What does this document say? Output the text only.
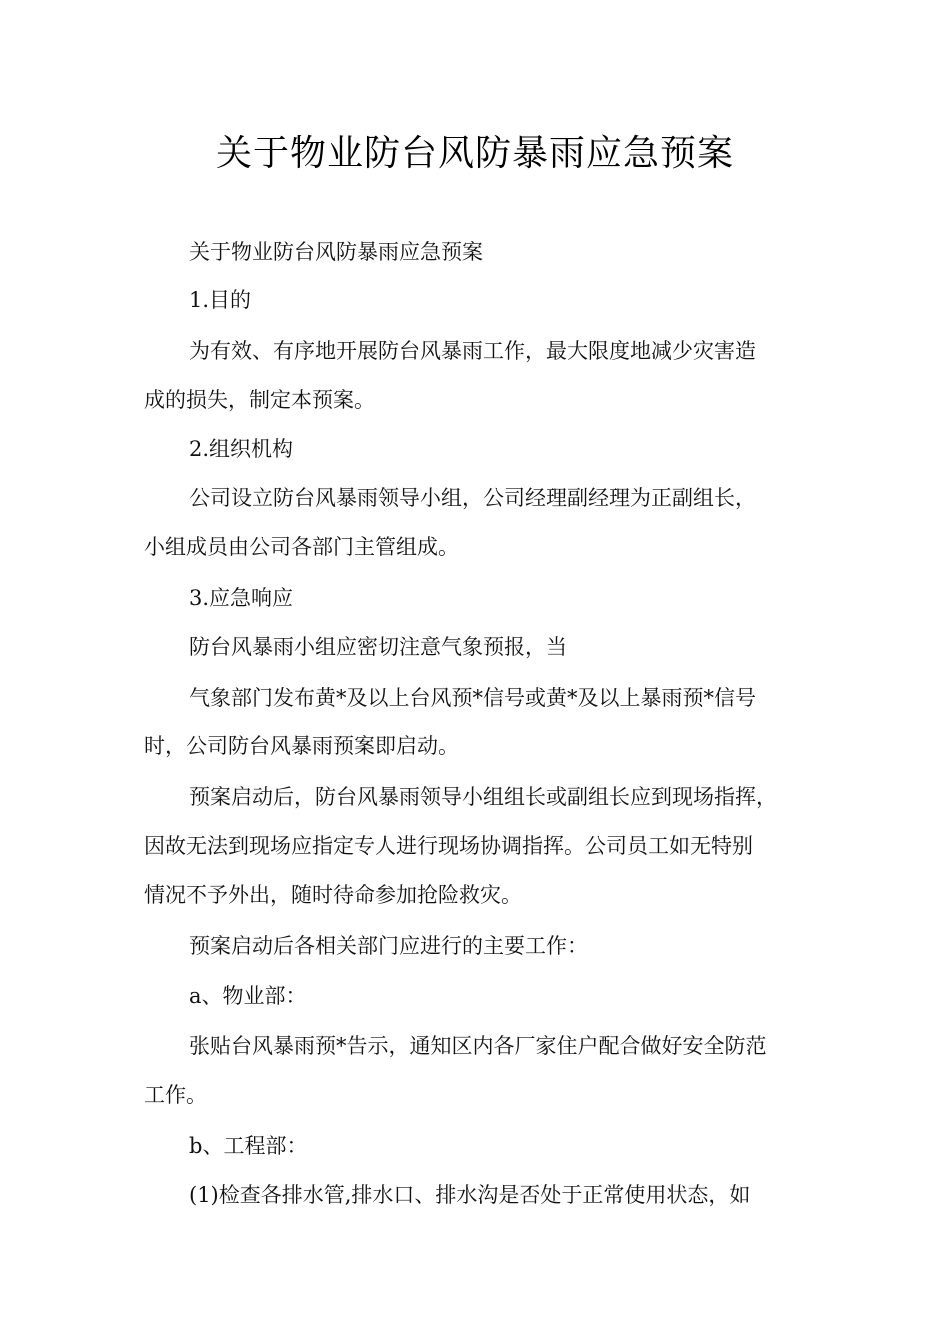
关于物业防台风防暴雨应急预案

关于物业防台风防暴雨应急预案

1.目的

为有效、有序地开展防台风暴雨工作，最大限度地减少灾害造

成的损失，制定本预案。

2.组织机构

公司设立防台风暴雨领导小组，公司经理副经理为正副组长，

小组成员由公司各部门主管组成。

3.应急响应

防台风暴雨小组应密切注意气象预报，当

气象部门发布黄*及以上台风预*信号或黄*及以上暴雨预*信号

时，公司防台风暴雨预案即启动。

预案启动后，防台风暴雨领导小组组长或副组长应到现场指挥，

因故无法到现场应指定专人进行现场协调指挥。公司员工如无特别

情况不予外出，随时待命参加抢险救灾。

预案启动后各相关部门应进行的主要工作：

a、物业部：

张贴台风暴雨预*告示，通知区内各厂家住户配合做好安全防范

工作。

b、工程部：

(1)检查各排水管,排水口、排水沟是否处于正常使用状态，如
